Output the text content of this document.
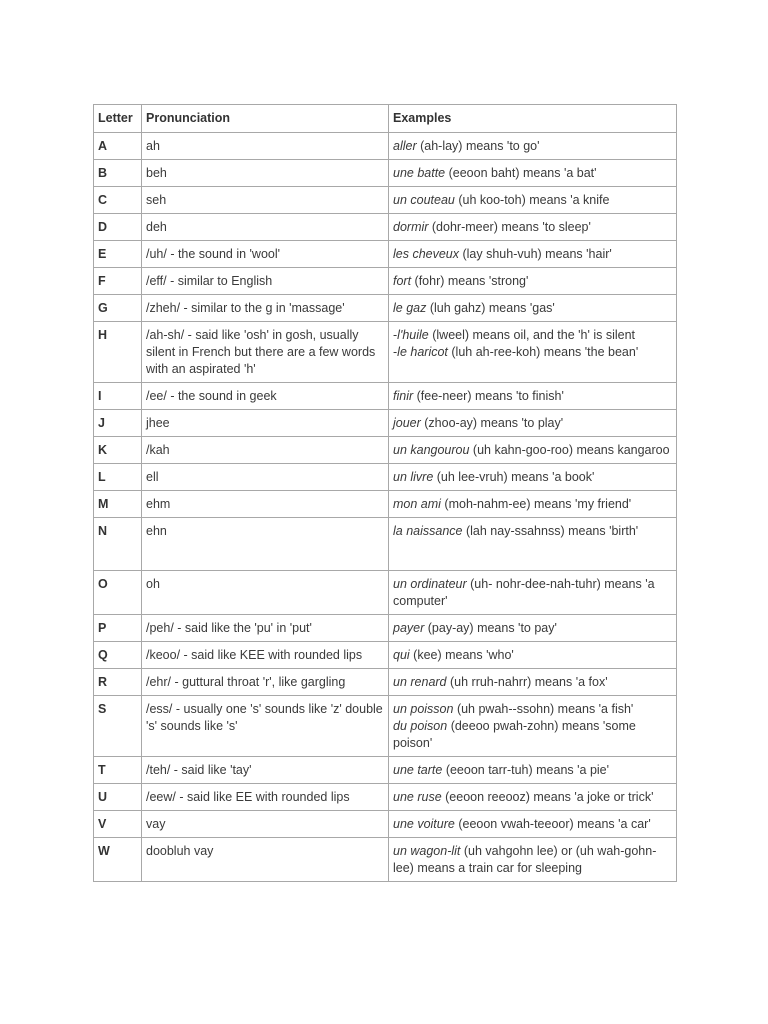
Letter	Pronunciation	Examples
A	ah	aller (ah-lay) means 'to go'
B	beh	une batte (eeoon baht) means 'a bat'
C	seh	un couteau (uh koo-toh) means 'a knife
D	deh	dormir (dohr-meer) means 'to sleep'
E	/uh/ - the sound in 'wool'	les cheveux (lay shuh-vuh) means 'hair'
F	/eff/ - similar to English	fort (fohr) means 'strong'
G	/zheh/ - similar to the g in 'massage'	le gaz (luh gahz) means 'gas'
H	/ah-sh/ - said like 'osh' in gosh, usually silent in French but there are a few words with an aspirated 'h'	-l'huile (lweel) means oil, and the 'h' is silent
-le haricot (luh ah-ree-koh) means 'the bean'

I	/ee/ - the sound in geek	finir (fee-neer) means 'to finish'
J	jhee	jouer (zhoo-ay) means 'to play'
K	/kah	un kangourou (uh kahn-goo-roo) means kangaroo
L	ell	un livre (uh lee-vruh) means 'a book'
M	ehm	mon ami (moh-nahm-ee) means 'my friend'
N	ehn	la naissance (lah nay-ssahnss) means 'birth'
O	oh	un ordinateur (uh- nohr-dee-nah-tuhr) means 'a computer'
P	/peh/ - said like the 'pu' in 'put'	payer (pay-ay) means 'to pay'
Q	/keoo/ - said like KEE with rounded lips	qui (kee) means 'who'
R	/ehr/ - guttural throat 'r', like gargling	un renard (uh rruh-nahrr) means 'a fox'
S	/ess/ - usually one 's' sounds like 'z' double 's' sounds like 's'	un poisson (uh pwah--ssohn) means 'a fish'
du poison (deeoo pwah-zohn) means 'some poison'

T	/teh/ - said like 'tay'	une tarte (eeoon tarr-tuh) means 'a pie'
U	/eew/ - said like EE with rounded lips	une ruse (eeoon reeooz) means 'a joke or trick'
V	vay	une voiture (eeoon vwah-teeoor) means 'a car'
W	doobluh vay	un wagon-lit (uh vahgohn lee) or (uh wah-gohn-lee) means a train car for sleeping
